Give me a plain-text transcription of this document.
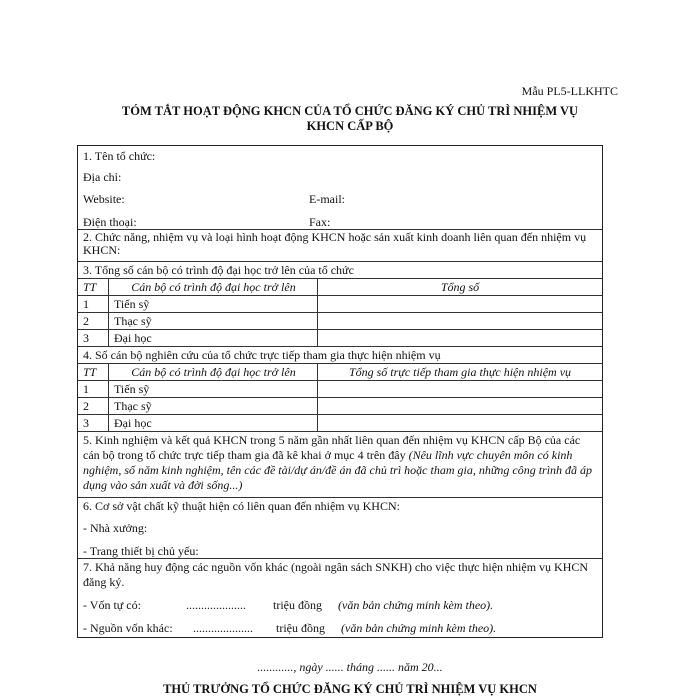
Mẫu PL5-LLKHTC
TÓM TẮT HOẠT ĐỘNG KHCN CỦA TỔ CHỨC ĐĂNG KÝ CHỦ TRÌ NHIỆM VỤ
KHCN CẤP BỘ
1. Tên tổ chức:
Địa chỉ:
Website:	E-mail:
Điện thoại:	Fax:
2. Chức năng, nhiệm vụ và loại hình hoạt động KHCN hoặc sản xuất kinh doanh liên quan đến nhiệm vụ KHCN:
3. Tổng số cán bộ có trình độ đại học trở lên của tổ chức
TT	Cán bộ có trình độ đại học trở lên	Tổng số
1 Tiến sỹ
2 Thạc sỹ
3 Đại học
4. Số cán bộ nghiên cứu của tổ chức trực tiếp tham gia thực hiện nhiệm vụ
TT	Cán bộ có trình độ đại học trở lên	Tổng số trực tiếp tham gia thực hiện nhiệm vụ
1 Tiến sỹ
2 Thạc sỹ
3 Đại học
5. Kinh nghiệm và kết quả KHCN trong 5 năm gần nhất liên quan đến nhiệm vụ KHCN cấp Bộ của các cán bộ trong tổ chức trực tiếp tham gia đã kê khai ở mục 4 trên đây (Nêu lĩnh vực chuyên môn có kinh nghiệm, số năm kinh nghiệm, tên các đề tài/dự án/đề án đã chủ trì hoặc tham gia, những công trình đã áp dụng vào sản xuất và đời sống...)
6. Cơ sở vật chất kỹ thuật hiện có liên quan đến nhiệm vụ KHCN:
- Nhà xưởng:
- Trang thiết bị chủ yếu:
7. Khả năng huy động các nguồn vốn khác (ngoài ngân sách SNKH) cho việc thực hiện nhiệm vụ KHCN đăng ký.
- Vốn tự có:	.................... triệu đồng (văn bản chứng minh kèm theo).
- Nguồn vốn khác: .................... triệu đồng (văn bản chứng minh kèm theo).
............, ngày ...... tháng ...... năm 20...
THỦ TRƯỞNG TỔ CHỨC ĐĂNG KÝ CHỦ TRÌ NHIỆM VỤ KHCN
